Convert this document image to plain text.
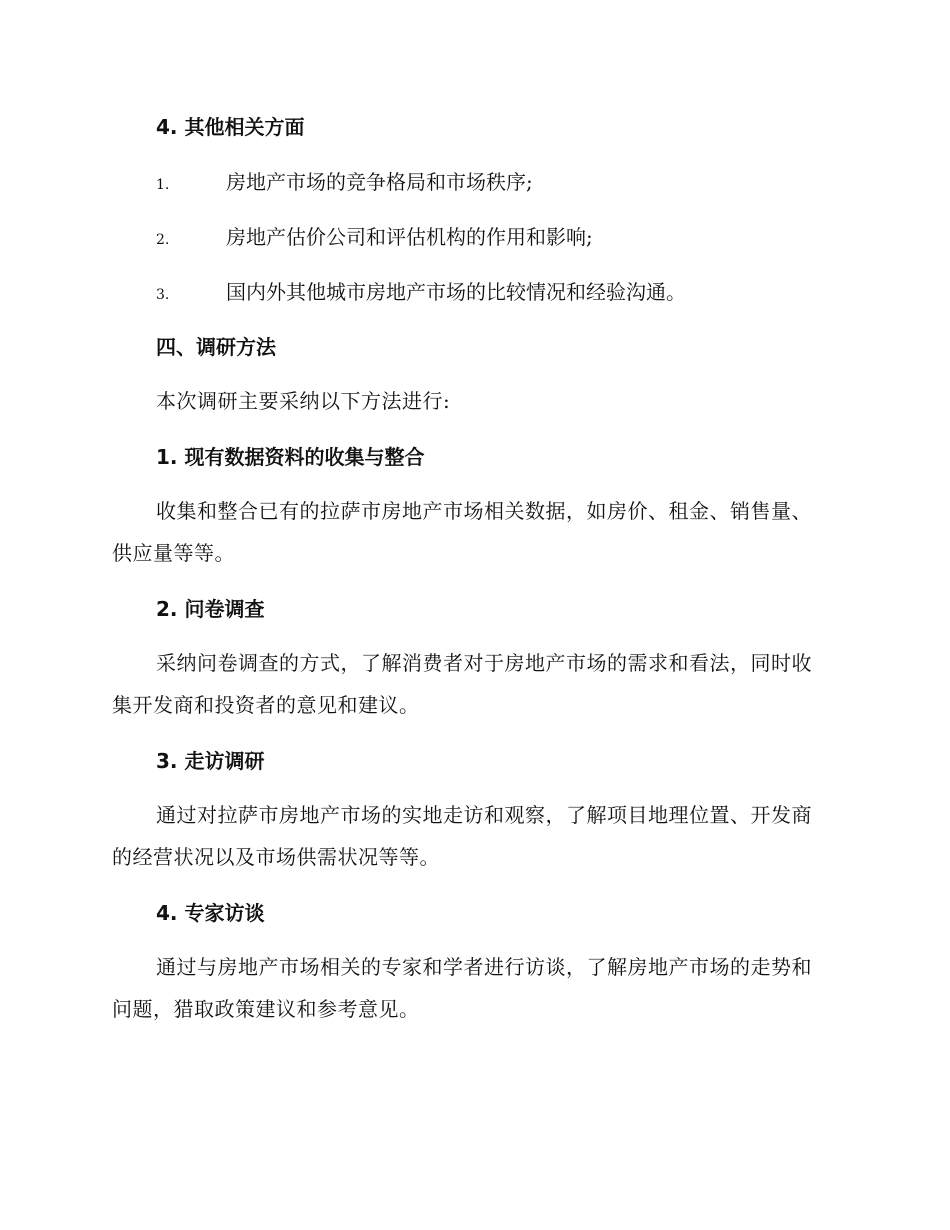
4. 其他相关方面
1.	房地产市场的竞争格局和市场秩序;
2.	房地产估价公司和评估机构的作用和影响;
3.	国内外其他城市房地产市场的比较情况和经验沟通。
四、调研方法
本次调研主要采纳以下方法进行:
1. 现有数据资料的收集与整合
收集和整合已有的拉萨市房地产市场相关数据，如房价、租金、销售量、供应量等等。
2. 问卷调查
采纳问卷调查的方式，了解消费者对于房地产市场的需求和看法，同时收集开发商和投资者的意见和建议。
3. 走访调研
通过对拉萨市房地产市场的实地走访和观察，了解项目地理位置、开发商的经营状况以及市场供需状况等等。
4. 专家访谈
通过与房地产市场相关的专家和学者进行访谈，了解房地产市场的走势和问题，猎取政策建议和参考意见。
